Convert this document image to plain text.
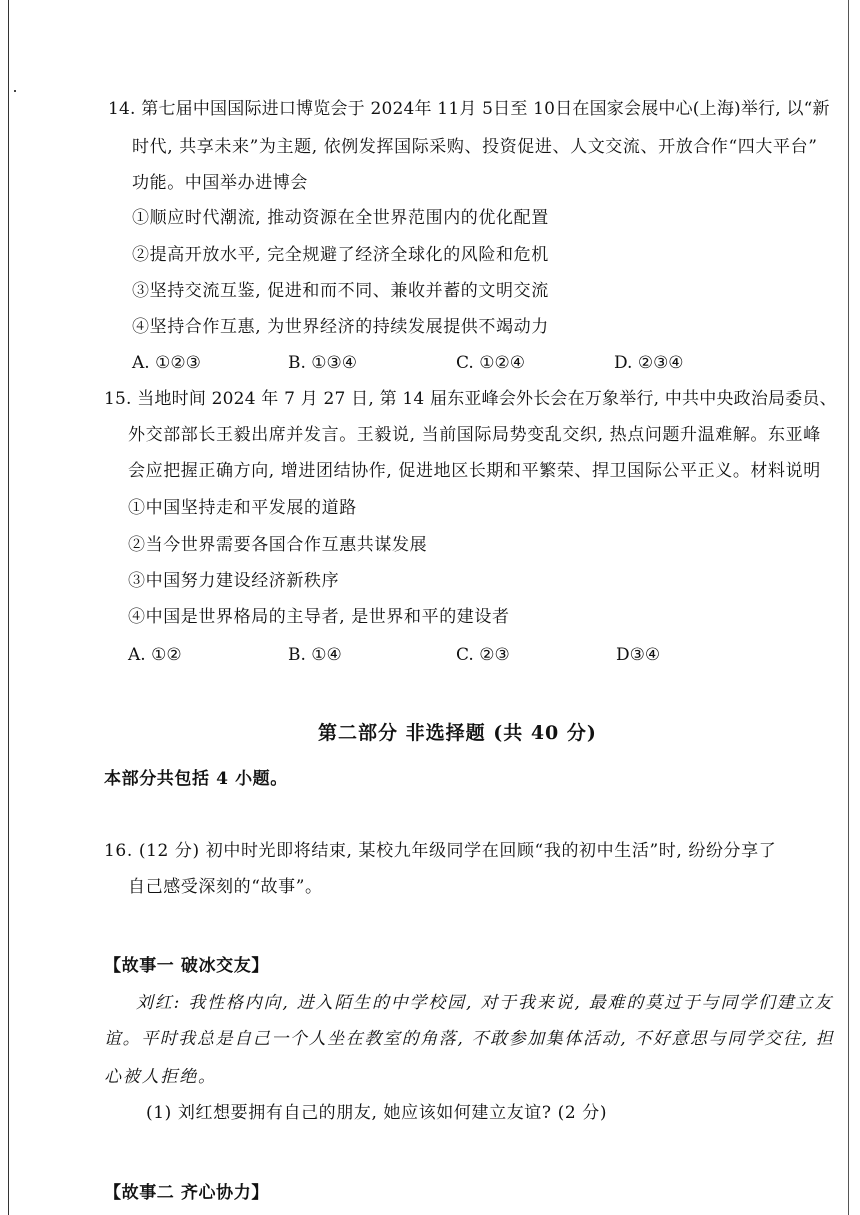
14. 第七届中国国际进口博览会于 2024年 11月 5日至 10日在国家会展中心(上海)举行, 以“新
时代, 共享未来”为主题, 依例发挥国际采购、投资促进、人文交流、开放合作“四大平台”
功能。中国举办进博会
①顺应时代潮流, 推动资源在全世界范围内的优化配置
②提高开放水平, 完全规避了经济全球化的风险和危机
③坚持交流互鉴, 促进和而不同、兼收并蓄的文明交流
④坚持合作互惠, 为世界经济的持续发展提供不竭动力
A. ①②③	B. ①③④	C. ①②④	D. ②③④
15. 当地时间 2024 年 7 月 27 日, 第 14 届东亚峰会外长会在万象举行, 中共中央政治局委员、
外交部部长王毅出席并发言。王毅说, 当前国际局势变乱交织, 热点问题升温难解。东亚峰
会应把握正确方向, 增进团结协作, 促进地区长期和平繁荣、捍卫国际公平正义。材料说明
①中国坚持走和平发展的道路
②当今世界需要各国合作互惠共谋发展
③中国努力建设经济新秩序
④中国是世界格局的主导者, 是世界和平的建设者
A. ①②	B. ①④	C. ②③	D③④
第二部分 非选择题 (共 40 分)
本部分共包括 4 小题。
16. (12 分) 初中时光即将结束, 某校九年级同学在回顾“我的初中生活”时, 纷纷分享了
自己感受深刻的“故事”。
【故事一 破冰交友】
刘红: 我性格内向, 进入陌生的中学校园, 对于我来说, 最难的莫过于与同学们建立友
谊。平时我总是自己一个人坐在教室的角落, 不敢参加集体活动, 不好意思与同学交往, 担
心被人拒绝。
(1) 刘红想要拥有自己的朋友, 她应该如何建立友谊? (2 分)
【故事二 齐心协力】
